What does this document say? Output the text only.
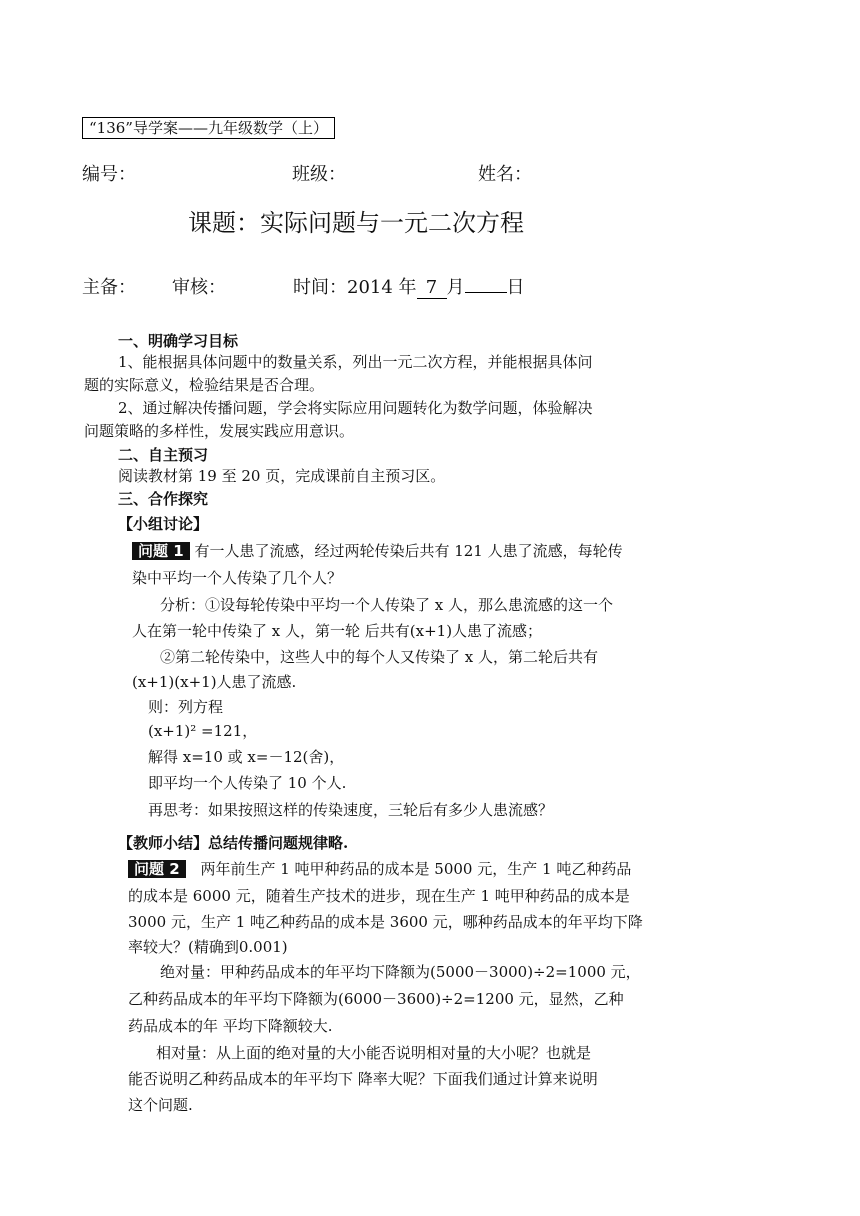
“136”导学案——九年级数学（上）
编号：	班级：	姓名：
课题：实际问题与一元二次方程
主备： 审核：	时间：2014 年 7 月 日
一、明确学习目标
1、能根据具体问题中的数量关系，列出一元二次方程，并能根据具体问
题的实际意义，检验结果是否合理。
2、通过解决传播问题，学会将实际应用问题转化为数学问题，体验解决
问题策略的多样性，发展实践应用意识。
二、自主预习
阅读教材第 19 至 20 页，完成课前自主预习区。
三、合作探究
【小组讨论】
问题 1 有一人患了流感，经过两轮传染后共有 121 人患了流感，每轮传
染中平均一个人传染了几个人？
分析：①设每轮传染中平均一个人传染了 x 人，那么患流感的这一个
人在第一轮中传染了 x 人，第一轮 后共有(x+1)人患了流感；
②第二轮传染中，这些人中的每个人又传染了 x 人，第二轮后共有
(x+1)(x+1)人患了流感.
则：列方程
(x+1)² =121，
解得 x=10 或 x=－12(舍)，
即平均一个人传染了 10 个人.
再思考：如果按照这样的传染速度，三轮后有多少人患流感？
【教师小结】总结传播问题规律略.
问题 2 两年前生产 1 吨甲种药品的成本是 5000 元，生产 1 吨乙种药品
的成本是 6000 元，随着生产技术的进步，现在生产 1 吨甲种药品的成本是
3000 元，生产 1 吨乙种药品的成本是 3600 元，哪种药品成本的年平均下降
率较大？(精确到0.001)
绝对量：甲种药品成本的年平均下降额为(5000－3000)÷2=1000 元，
乙种药品成本的年平均下降额为(6000－3600)÷2=1200 元，显然，乙种
药品成本的年 平均下降额较大.
相对量：从上面的绝对量的大小能否说明相对量的大小呢？也就是
能否说明乙种药品成本的年平均下 降率大呢？下面我们通过计算来说明
这个问题.
